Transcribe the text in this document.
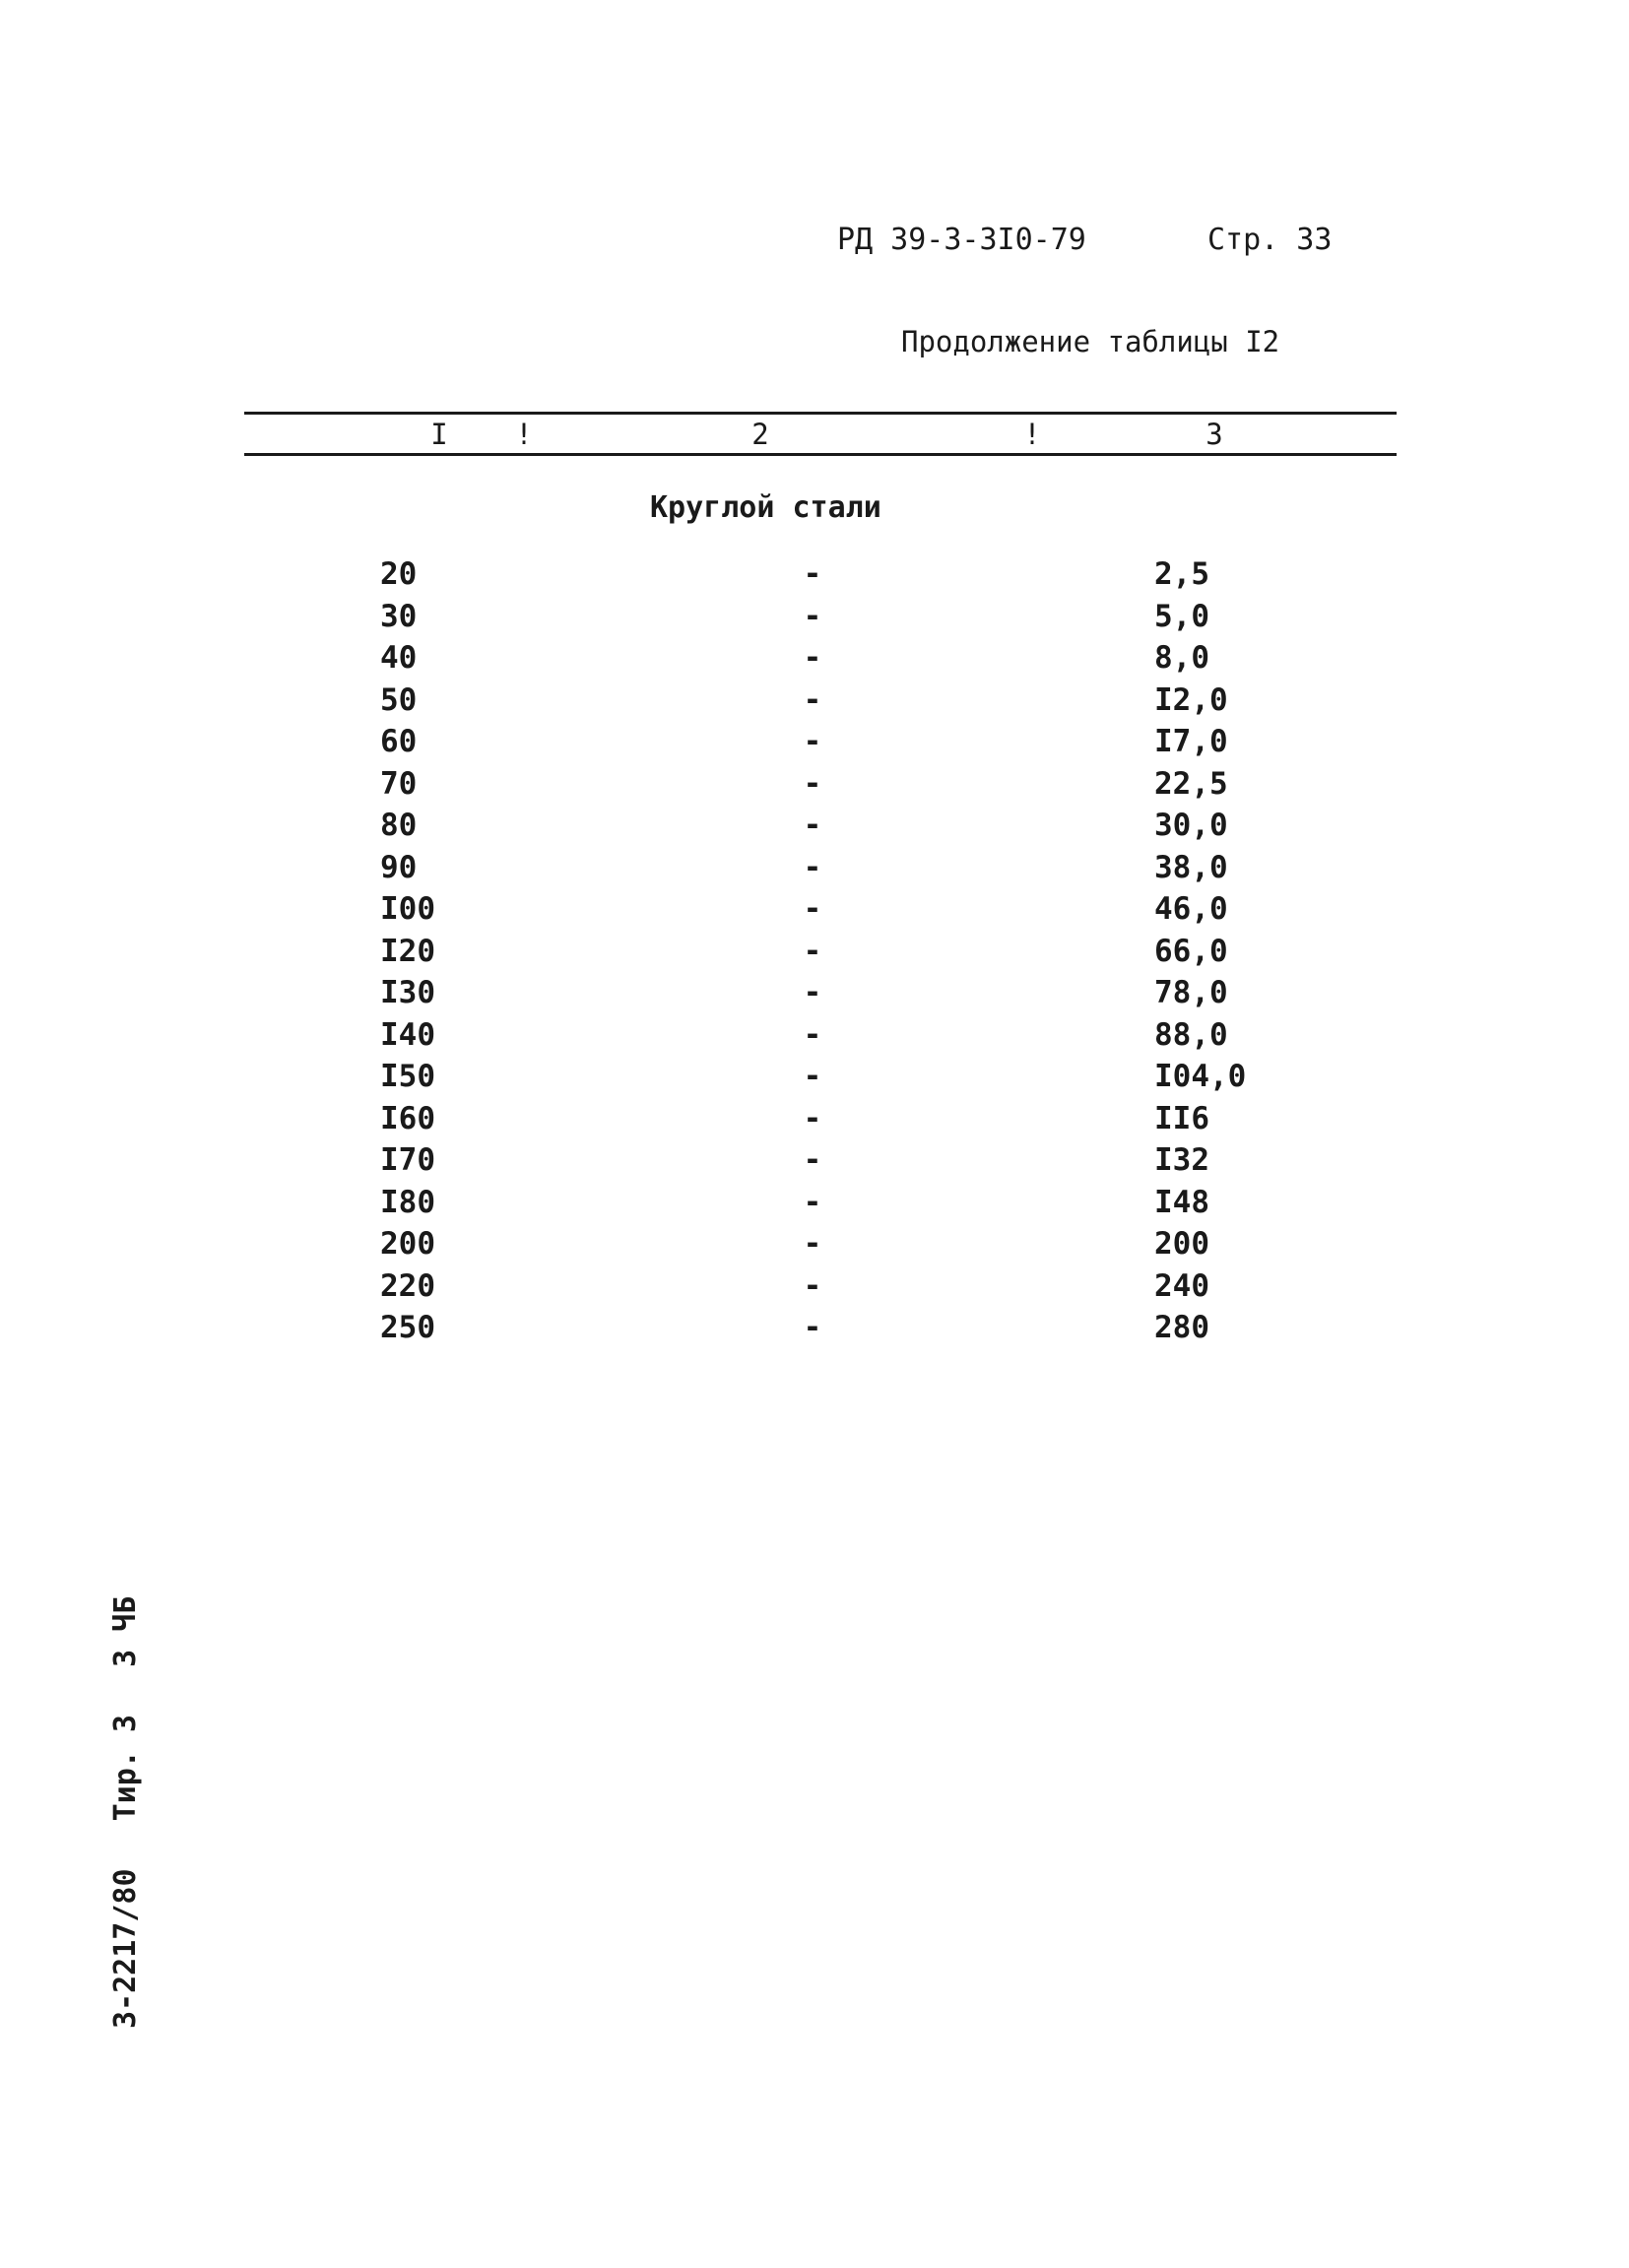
РД 39-3-3I0-79	Стр. 33
Продолжение таблицы I2
I	!	2	!	3
Круглой стали
20	-	2,5
30	-	5,0
40	-	8,0
50	-	I2,0
60	-	I7,0
70	-	22,5
80	-	30,0
90	-	38,0
I00	-	46,0
I20	-	66,0
I30	-	78,0
I40	-	88,0
I50	-	I04,0
I60	-	II6
I70	-	I32
I80	-	I48
200	-	200
220	-	240
250	-	280
3-2217/80 Тир. 3 3 ЧБ
